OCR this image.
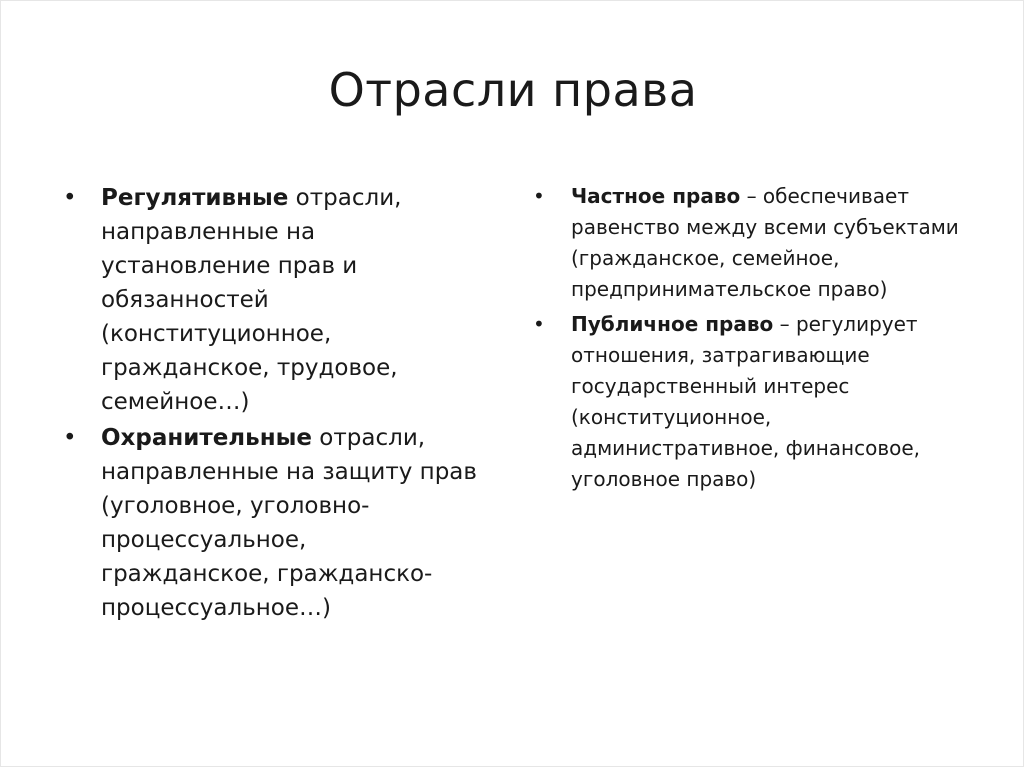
Отрасли права
• Регулятивные отрасли, направленные на установление прав и обязанностей (конституционное, гражданское, трудовое, семейное…)
• Охранительные отрасли, направленные на защиту прав (уголовное, уголовно-процессуальное, гражданское, гражданско-процессуальное…)
• Частное право – обеспечивает равенство между всеми субъектами (гражданское, семейное, предпринимательское право)
• Публичное право – регулирует отношения, затрагивающие государственный интерес (конституционное, административное, финансовое, уголовное право)
